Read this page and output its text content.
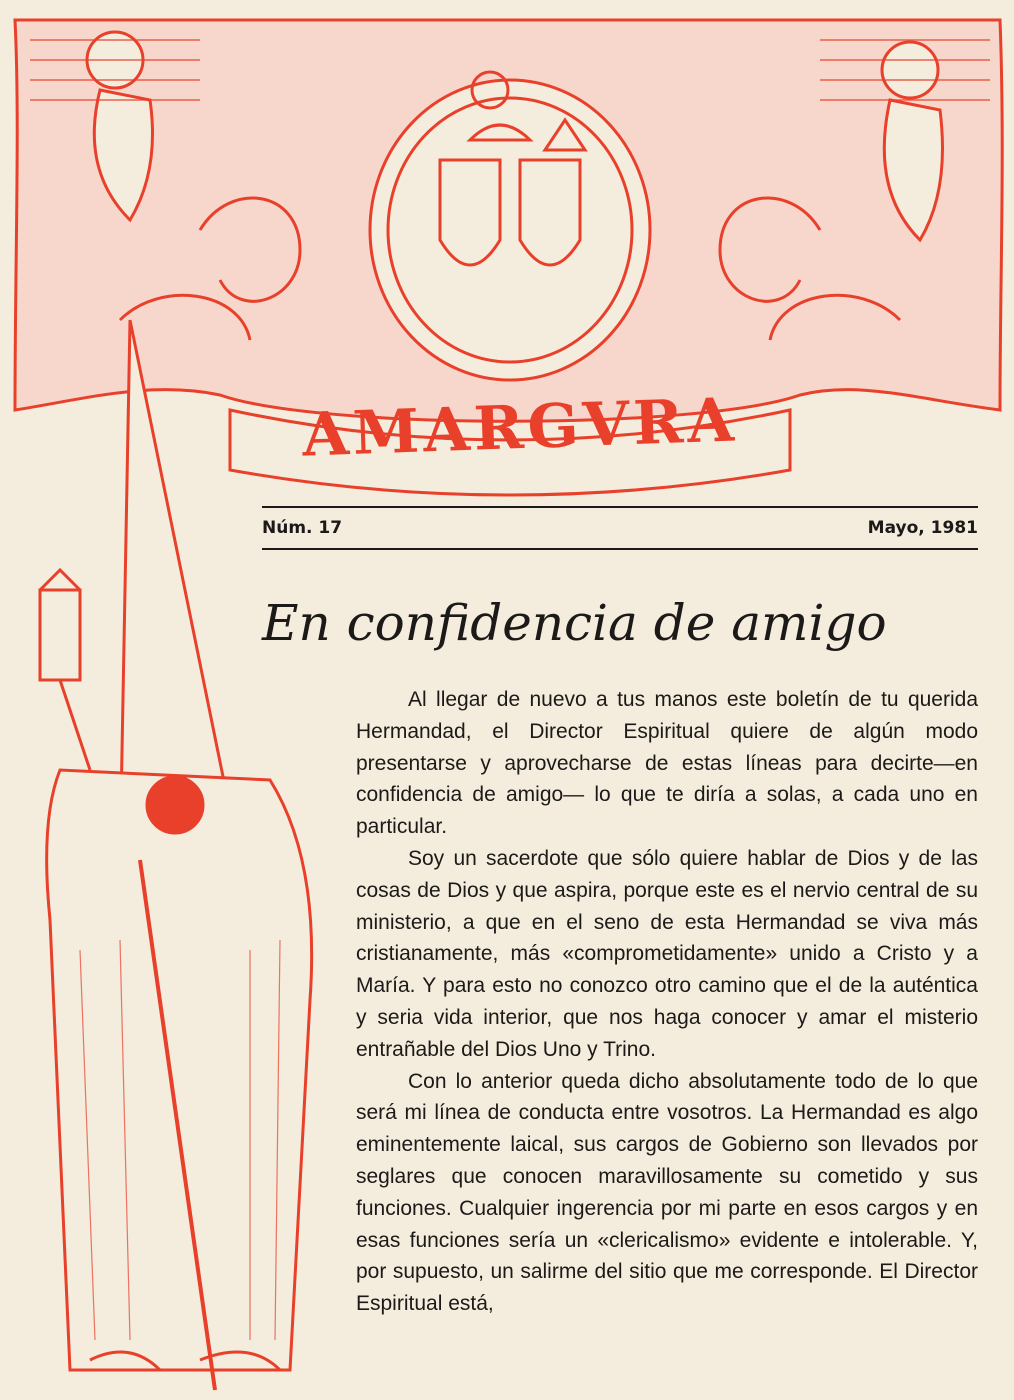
AMARGVRA
Núm. 17	Mayo, 1981
En confidencia de amigo

Al llegar de nuevo a tus manos este boletín de tu querida Hermandad, el Director Espiritual quiere de algún modo presentarse y aprovecharse de estas líneas para decirte—en confidencia de amigo— lo que te diría a solas, a cada uno en particular.

Soy un sacerdote que sólo quiere hablar de Dios y de las cosas de Dios y que aspira, porque este es el nervio central de su ministerio, a que en el seno de esta Hermandad se viva más cristianamente, más «comprometidamente» unido a Cristo y a María. Y para esto no conozco otro camino que el de la auténtica y seria vida interior, que nos haga conocer y amar el misterio entrañable del Dios Uno y Trino.

Con lo anterior queda dicho absolutamente todo de lo que será mi línea de conducta entre vosotros. La Hermandad es algo eminentemente laical, sus cargos de Gobierno son llevados por seglares que conocen maravillosamente su cometido y sus funciones. Cualquier ingerencia por mi parte en esos cargos y en esas funciones sería un «clericalismo» evidente e intolerable. Y, por supuesto, un salirme del sitio que me corresponde. El Director Espiritual está,
